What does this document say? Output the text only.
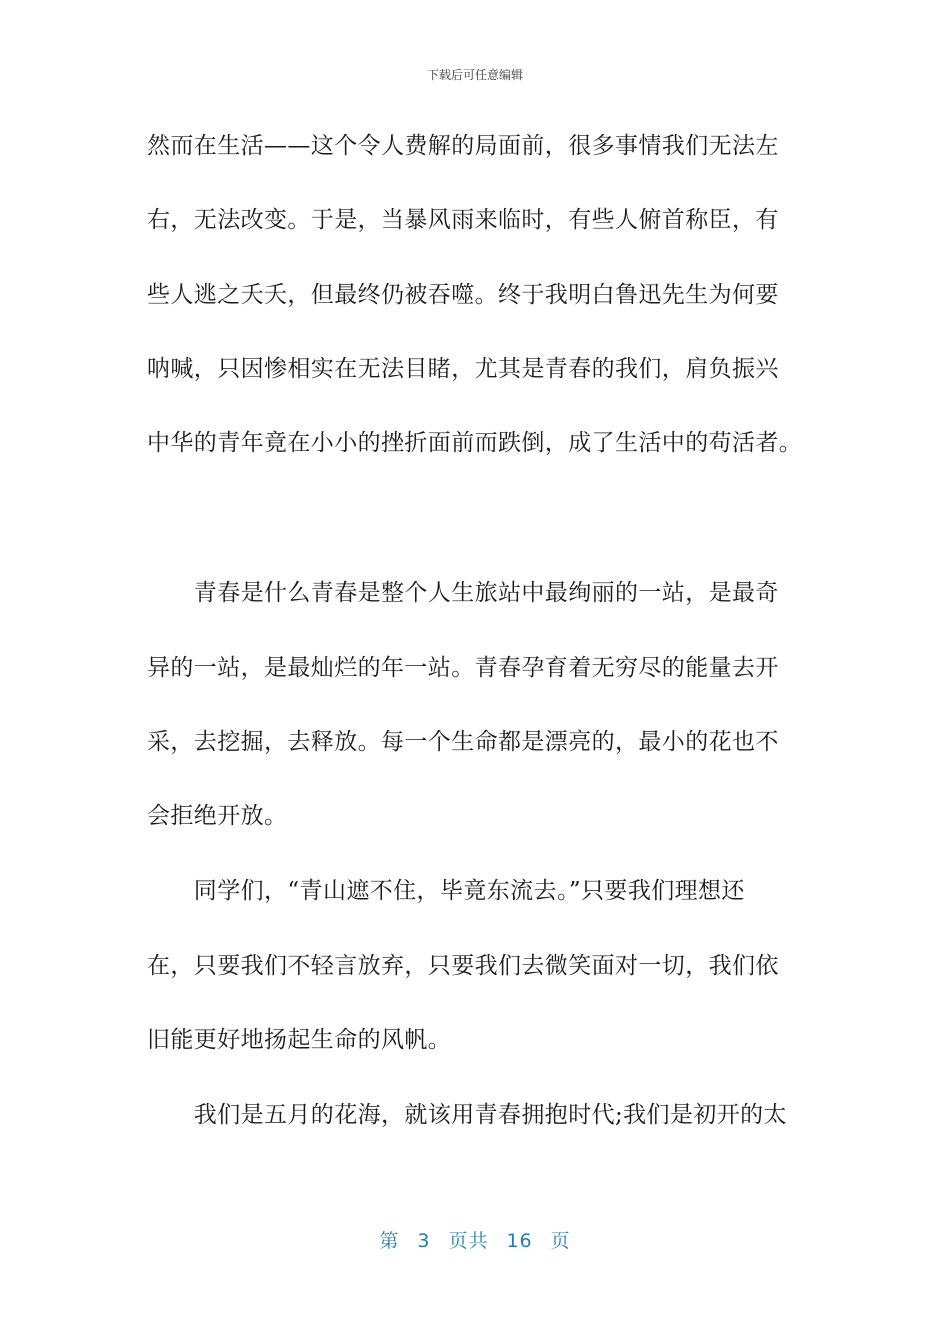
下载后可任意编辑
然而在生活——这个令人费解的局面前，很多事情我们无法左
右，无法改变。于是，当暴风雨来临时，有些人俯首称臣，有
些人逃之夭夭，但最终仍被吞噬。终于我明白鲁迅先生为何要
呐喊，只因惨相实在无法目睹，尤其是青春的我们，肩负振兴
中华的青年竟在小小的挫折面前而跌倒，成了生活中的苟活者。
　　青春是什么青春是整个人生旅站中最绚丽的一站，是最奇
异的一站，是最灿烂的年一站。青春孕育着无穷尽的能量去开
采，去挖掘，去释放。每一个生命都是漂亮的，最小的花也不
会拒绝开放。
　　同学们，“青山遮不住，毕竟东流去。”只要我们理想还
在，只要我们不轻言放弃，只要我们去微笑面对一切，我们依
旧能更好地扬起生命的风帆。
　　我们是五月的花海，就该用青春拥抱时代;我们是初开的太
第 3 页共 16 页
